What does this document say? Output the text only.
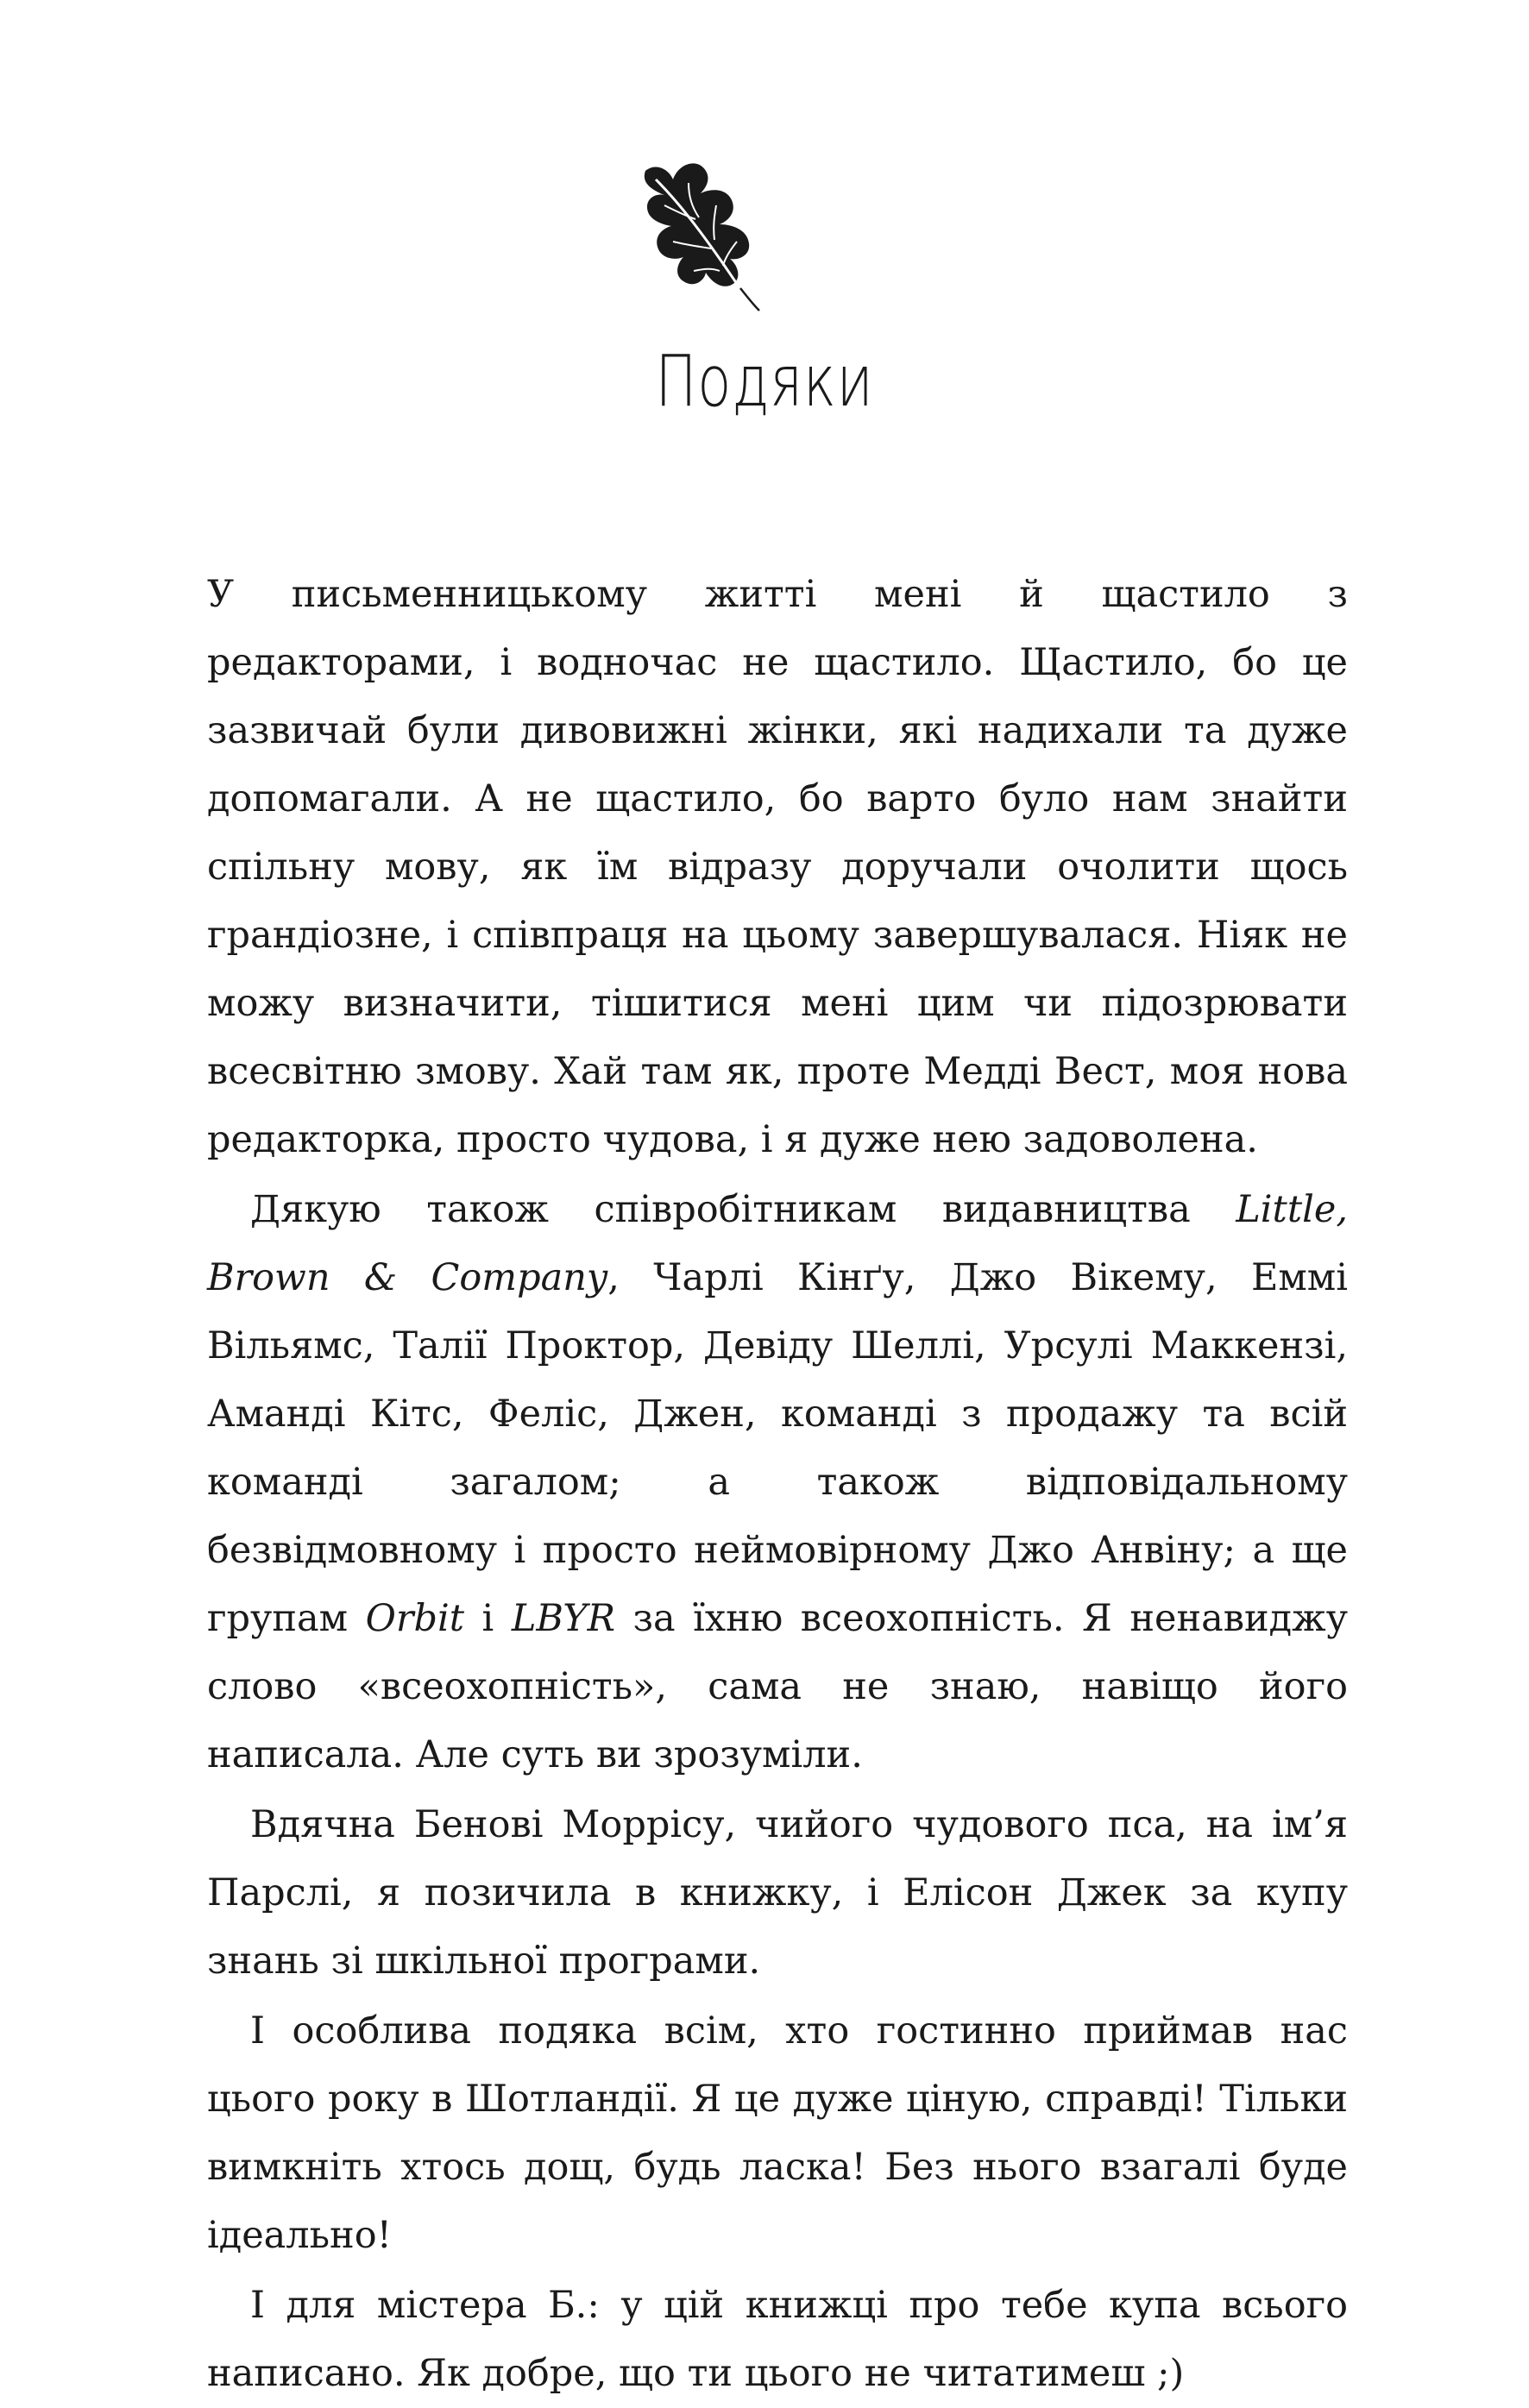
Подяки

У письменницькому житті мені й щастило з редакторами, і водночас не щастило. Щастило, бо це зазвичай були дивовижні жінки, які надихали та дуже допомагали. А не щастило, бо варто було нам знайти спільну мову, як їм відразу доручали очолити щось грандіозне, і співпраця на цьому завершувалася. Ніяк не можу визначити, тішитися мені цим чи підозрювати всесвітню змову. Хай там як, проте Медді Вест, моя нова редакторка, просто чудова, і я дуже нею задоволена.

Дякую також співробітникам видавництва Little, Brown & Company, Чарлі Кінґу, Джо Вікему, Еммі Вільямс, Талії Проктор, Девіду Шеллі, Урсулі Маккензі, Аманді Кітс, Феліс, Джен, команді з продажу та всій команді загалом; а також відповідальному безвідмовному і просто неймовірному Джо Анвіну; а ще групам Orbit і LBYR за їхню всеохопність. Я ненавиджу слово «всеохопність», сама не знаю, навіщо його написала. Але суть ви зрозуміли.

Вдячна Бенові Моррісу, чийого чудового пса, на ім’я Парслі, я позичила в книжку, і Елісон Джек за купу знань зі шкільної програми.

І особлива подяка всім, хто гостинно приймав нас цього року в Шотландії. Я це дуже ціную, справді! Тільки вимкніть хтось дощ, будь ласка! Без нього взагалі буде ідеально!

І для містера Б.: у цій книжці про тебе купа всього написано. Як добре, що ти цього не читатимеш ;)
